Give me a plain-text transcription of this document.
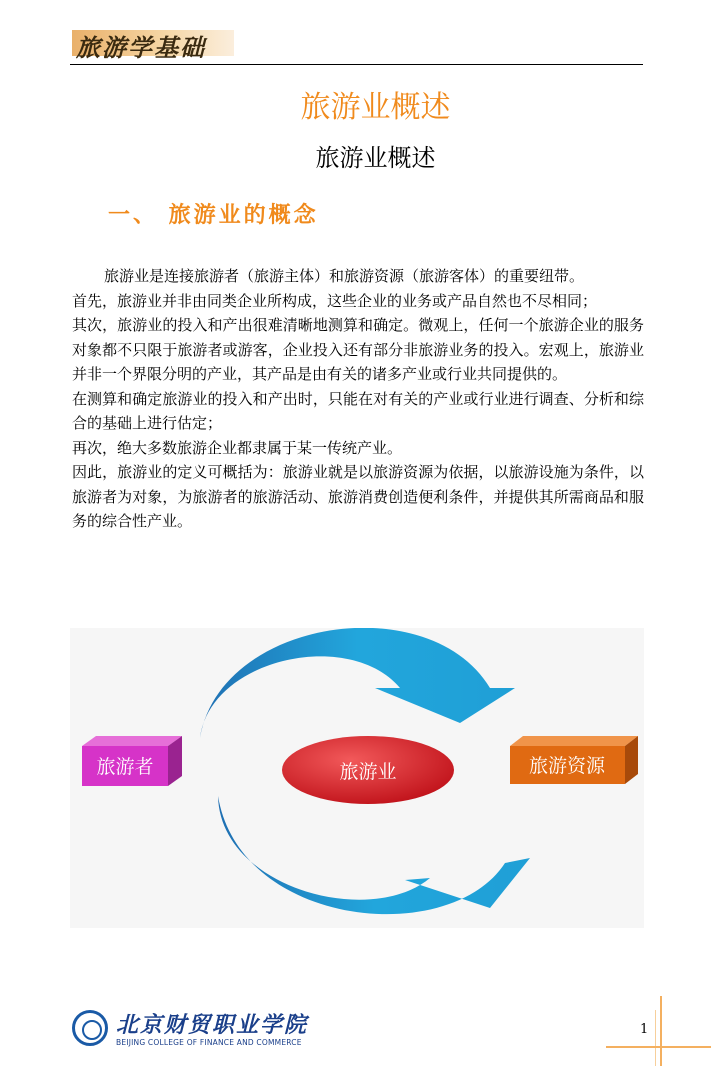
旅游学基础
旅游业概述
旅游业概述
一、 旅游业的概念

旅游业是连接旅游者（旅游主体）和旅游资源（旅游客体）的重要纽带。

首先，旅游业并非由同类企业所构成，这些企业的业务或产品自然也不尽相同；

其次，旅游业的投入和产出很难清晰地测算和确定。微观上，任何一个旅游企业的服务对象都不只限于旅游者或游客，企业投入还有部分非旅游业务的投入。宏观上，旅游业并非一个界限分明的产业，其产品是由有关的诸多产业或行业共同提供的。

在测算和确定旅游业的投入和产出时，只能在对有关的产业或行业进行调查、分析和综合的基础上进行估定；

再次，绝大多数旅游企业都隶属于某一传统产业。

因此，旅游业的定义可概括为：旅游业就是以旅游资源为依据，以旅游设施为条件，以旅游者为对象，为旅游者的旅游活动、旅游消费创造便利条件，并提供其所需商品和服务的综合性产业。

旅游者	旅游业	旅游资源
北京财贸职业学院
BEIJING COLLEGE OF FINANCE AND COMMERCE
1
